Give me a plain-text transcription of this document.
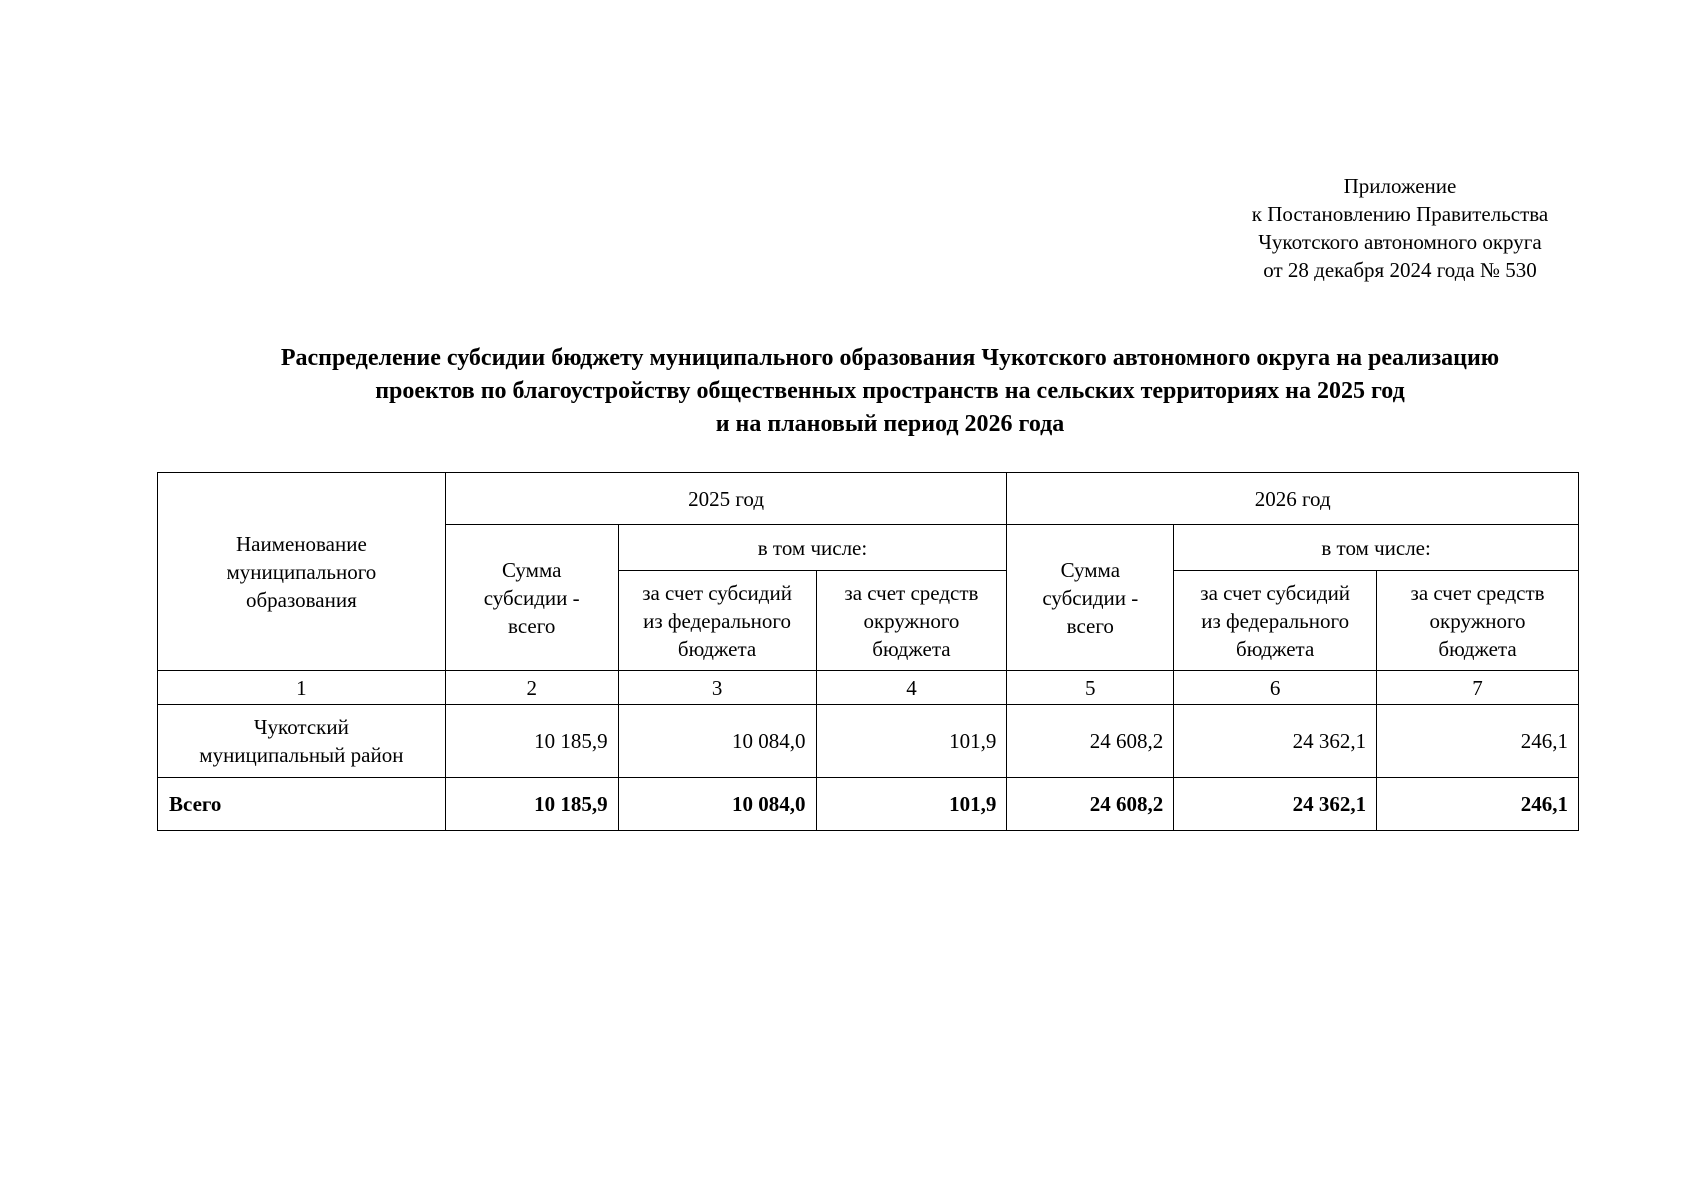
Приложение
к Постановлению Правительства
Чукотского автономного округа
от 28 декабря 2024 года № 530
Распределение субсидии бюджету муниципального образования Чукотского автономного округа на реализацию
проектов по благоустройству общественных пространств на сельских территориях на 2025 год
и на плановый период 2026 года
Наименование
муниципального
образования	2025 год			2026 год		

	Сумма
субсидии -
всего	в том числе:		Сумма
субсидии -
всего	в том числе:	

		за счет субсидий
из федерального
бюджета	за счет средств
окружного
бюджета		за счет субсидий
из федерального
бюджета	за счет средств
окружного
бюджета

1	2	3	4	5	6	7

Чукотский
муниципальный район	10 185,9	10 084,0	101,9	24 608,2	24 362,1	246,1
Всего	10 185,9	10 084,0	101,9	24 608,2	24 362,1	246,1
